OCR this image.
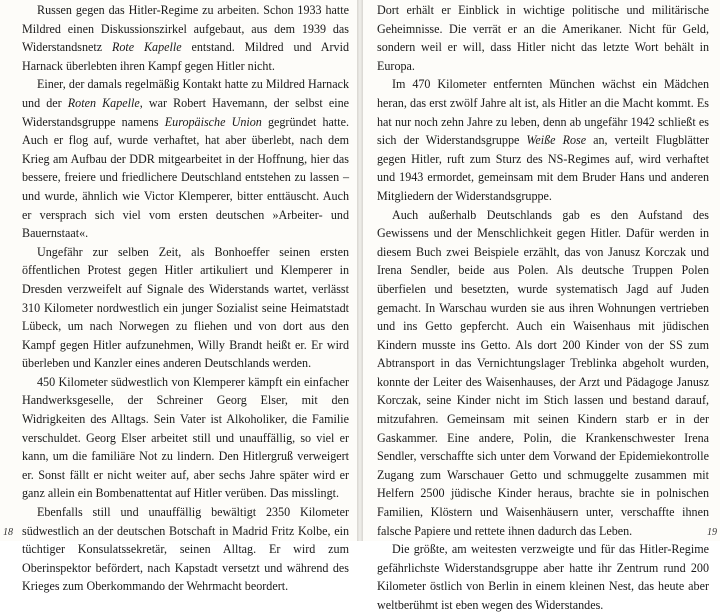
Russen gegen das Hitler-Regime zu arbeiten. Schon 1933 hatte Mildred einen Diskussionszirkel aufgebaut, aus dem 1939 das Widerstandsnetz Rote Kapelle entstand. Mildred und Arvid Harnack überlebten ihren Kampf gegen Hitler nicht.

Einer, der damals regelmäßig Kontakt hatte zu Mildred Harnack und der Roten Kapelle, war Robert Havemann, der selbst eine Widerstandsgruppe namens Europäische Union gegründet hatte. Auch er flog auf, wurde verhaftet, hat aber überlebt, nach dem Krieg am Aufbau der DDR mitgearbeitet in der Hoffnung, hier das bessere, freiere und friedlichere Deutschland entstehen zu lassen – und wurde, ähnlich wie Victor Klemperer, bitter enttäuscht. Auch er versprach sich viel vom ersten deutschen »Arbeiter- und Bauernstaat«.

Ungefähr zur selben Zeit, als Bonhoeffer seinen ersten öffentlichen Protest gegen Hitler artikuliert und Klemperer in Dresden verzweifelt auf Signale des Widerstands wartet, verlässt 310 Kilometer nordwestlich ein junger Sozialist seine Heimatstadt Lübeck, um nach Norwegen zu fliehen und von dort aus den Kampf gegen Hitler aufzunehmen, Willy Brandt heißt er. Er wird überleben und Kanzler eines anderen Deutschlands werden.

450 Kilometer südwestlich von Klemperer kämpft ein einfacher Handwerksgeselle, der Schreiner Georg Elser, mit den Widrigkeiten des Alltags. Sein Vater ist Alkoholiker, die Familie verschuldet. Georg Elser arbeitet still und unauffällig, so viel er kann, um die familiäre Not zu lindern. Den Hitlergruß verweigert er. Sonst fällt er nicht weiter auf, aber sechs Jahre später wird er ganz allein ein Bombenattentat auf Hitler verüben. Das misslingt.

Ebenfalls still und unauffällig bewältigt 2350 Kilometer südwestlich an der deutschen Botschaft in Madrid Fritz Kolbe, ein tüchtiger Konsulatssekretär, seinen Alltag. Er wird zum Oberinspektor befördert, nach Kapstadt versetzt und während des Krieges zum Oberkommando der Wehrmacht beordert.

18

Dort erhält er Einblick in wichtige politische und militärische Geheimnisse. Die verrät er an die Amerikaner. Nicht für Geld, sondern weil er will, dass Hitler nicht das letzte Wort behält in Europa.

Im 470 Kilometer entfernten München wächst ein Mädchen heran, das erst zwölf Jahre alt ist, als Hitler an die Macht kommt. Es hat nur noch zehn Jahre zu leben, denn ab ungefähr 1942 schließt es sich der Widerstandsgruppe Weiße Rose an, verteilt Flugblätter gegen Hitler, ruft zum Sturz des NS-Regimes auf, wird verhaftet und 1943 ermordet, gemeinsam mit dem Bruder Hans und anderen Mitgliedern der Widerstandsgruppe.

Auch außerhalb Deutschlands gab es den Aufstand des Gewissens und der Menschlichkeit gegen Hitler. Dafür werden in diesem Buch zwei Beispiele erzählt, das von Janusz Korczak und Irena Sendler, beide aus Polen. Als deutsche Truppen Polen überfielen und besetzten, wurde systematisch Jagd auf Juden gemacht. In Warschau wurden sie aus ihren Wohnungen vertrieben und ins Getto gepfercht. Auch ein Waisenhaus mit jüdischen Kindern musste ins Getto. Als dort 200 Kinder von der SS zum Abtransport in das Vernichtungslager Treblinka abgeholt wurden, konnte der Leiter des Waisenhauses, der Arzt und Pädagoge Janusz Korczak, seine Kinder nicht im Stich lassen und bestand darauf, mitzufahren. Gemeinsam mit seinen Kindern starb er in der Gaskammer. Eine andere, Polin, die Krankenschwester Irena Sendler, verschaffte sich unter dem Vorwand der Epidemiekontrolle Zugang zum Warschauer Getto und schmuggelte zusammen mit Helfern 2500 jüdische Kinder heraus, brachte sie in polnischen Familien, Klöstern und Waisenhäusern unter, verschaffte ihnen falsche Papiere und rettete ihnen dadurch das Leben.

Die größte, am weitesten verzweigte und für das Hitler-Regime gefährlichste Widerstandsgruppe aber hatte ihr Zentrum rund 200 Kilometer östlich von Berlin in einem kleinen Nest, das heute aber weltberühmt ist eben wegen des Widerstandes.

19
